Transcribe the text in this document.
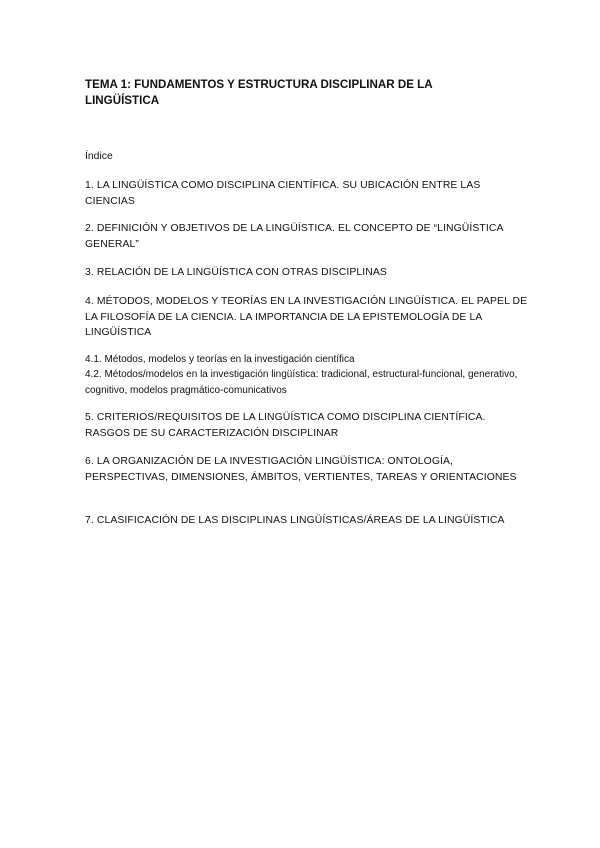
TEMA 1: FUNDAMENTOS Y ESTRUCTURA DISCIPLINAR DE LA LINGÜÍSTICA
Índice
1. LA LINGÜÍSTICA COMO DISCIPLINA CIENTÍFICA. SU UBICACIÓN ENTRE LAS CIENCIAS
2. DEFINICIÓN Y OBJETIVOS DE LA LINGÜÍSTICA. EL CONCEPTO DE “LINGÜÍSTICA GENERAL”
3. RELACIÓN DE LA LINGÜÍSTICA CON OTRAS DISCIPLINAS
4. MÉTODOS, MODELOS Y TEORÍAS EN LA INVESTIGACIÓN LINGÜÍSTICA. EL PAPEL DE LA FILOSOFÍA DE LA CIENCIA. LA IMPORTANCIA DE LA EPISTEMOLOGÍA DE LA LINGÜÍSTICA
4.1. Métodos, modelos y teorías en la investigación científica
4.2. Métodos/modelos en la investigación lingüística: tradicional, estructural-funcional, generativo, cognitivo, modelos pragmático-comunicativos
5. CRITERIOS/REQUISITOS DE LA LINGÜÍSTICA COMO DISCIPLINA CIENTÍFICA. RASGOS DE SU CARACTERIZACIÓN DISCIPLINAR
6. LA ORGANIZACIÓN DE LA INVESTIGACIÓN LINGÜÍSTICA: ONTOLOGÍA, PERSPECTIVAS, DIMENSIONES, ÁMBITOS, VERTIENTES, TAREAS Y ORIENTACIONES
7. CLASIFICACIÓN DE LAS DISCIPLINAS LINGÜÍSTICAS/ÁREAS DE LA LINGÜÍSTICA
